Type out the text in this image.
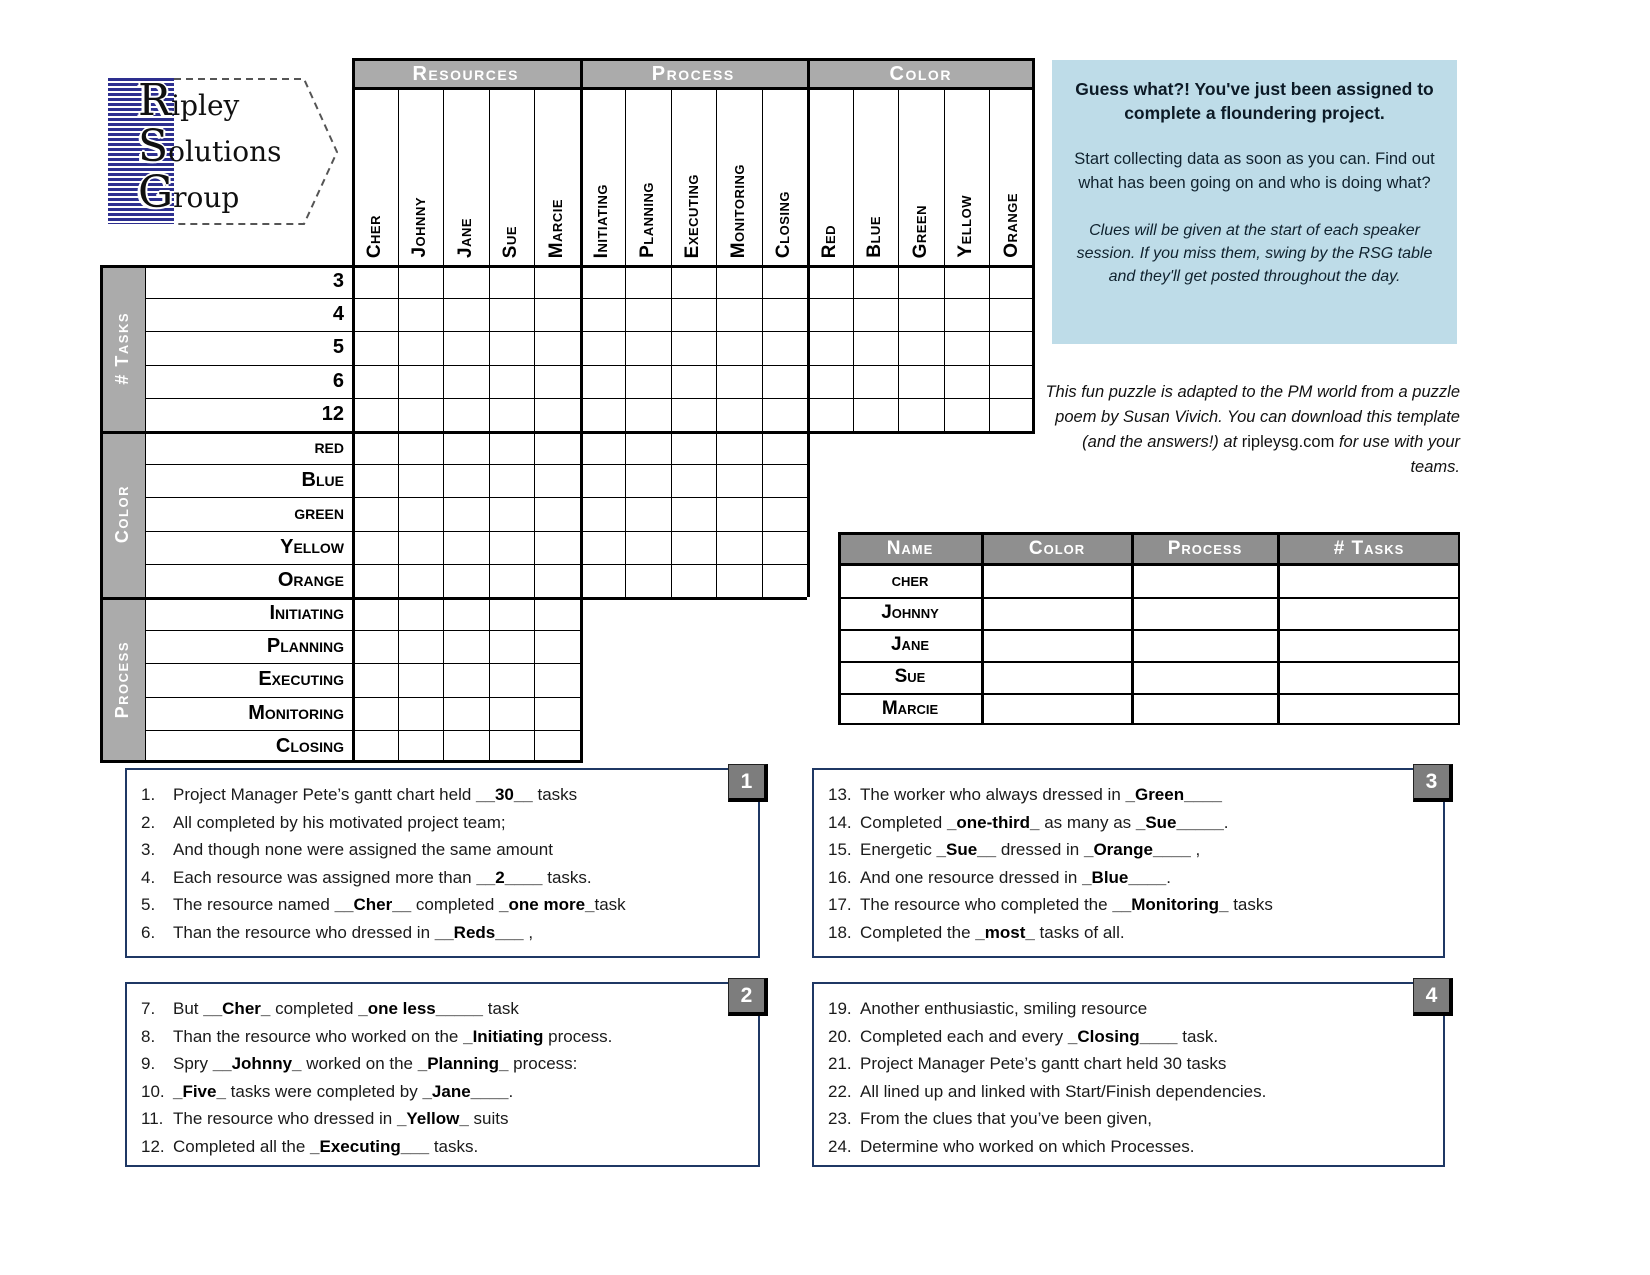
Ripley
Solutions
Group
Resources	Process	Color
Cher Johnny Jane Sue Marcie Initiating Planning Executing Monitoring Closing Red Blue Green Yellow Orange
# Tasks
3
4
5
6
12
Color
red
Blue
green
Yellow
Orange
Process
Initiating
Planning
Executing
Monitoring
Closing
Guess what?! You've just been assigned to complete a floundering project.
Start collecting data as soon as you can. Find out what has been going on and who is doing what?
Clues will be given at the start of each speaker session. If you miss them, swing by the RSG table and they'll get posted throughout the day.
This fun puzzle is adapted to the PM world from a puzzle poem by Susan Vivich. You can download this template (and the answers!) at ripleysg.com for use with your teams.
Name	Color	Process	# Tasks
cher
Johnny
Jane
Sue
Marcie
1
1.	Project Manager Pete’s gantt chart held __30__ tasks
2.	All completed by his motivated project team;
3.	And though none were assigned the same amount
4.	Each resource was assigned more than __2____ tasks.
5.	The resource named __Cher__ completed _one more_task
6.	Than the resource who dressed in __Reds___ ,
2
7.	But __Cher_ completed _one less_____ task
8.	Than the resource who worked on the _Initiating process.
9.	Spry __Johnny_ worked on the _Planning_ process:
10. _Five_ tasks were completed by _Jane____.
11. The resource who dressed in _Yellow_ suits
12. Completed all the _Executing___ tasks.
3
13. The worker who always dressed in _Green____
14. Completed _one-third_ as many as _Sue_____.
15. Energetic _Sue__ dressed in _Orange____ ,
16. And one resource dressed in _Blue____.
17. The resource who completed the __Monitoring_ tasks
18. Completed the _most_ tasks of all.
4
19. Another enthusiastic, smiling resource
20. Completed each and every _Closing____ task.
21. Project Manager Pete’s gantt chart held 30 tasks
22. All lined up and linked with Start/Finish dependencies.
23. From the clues that you’ve been given,
24. Determine who worked on which Processes.
